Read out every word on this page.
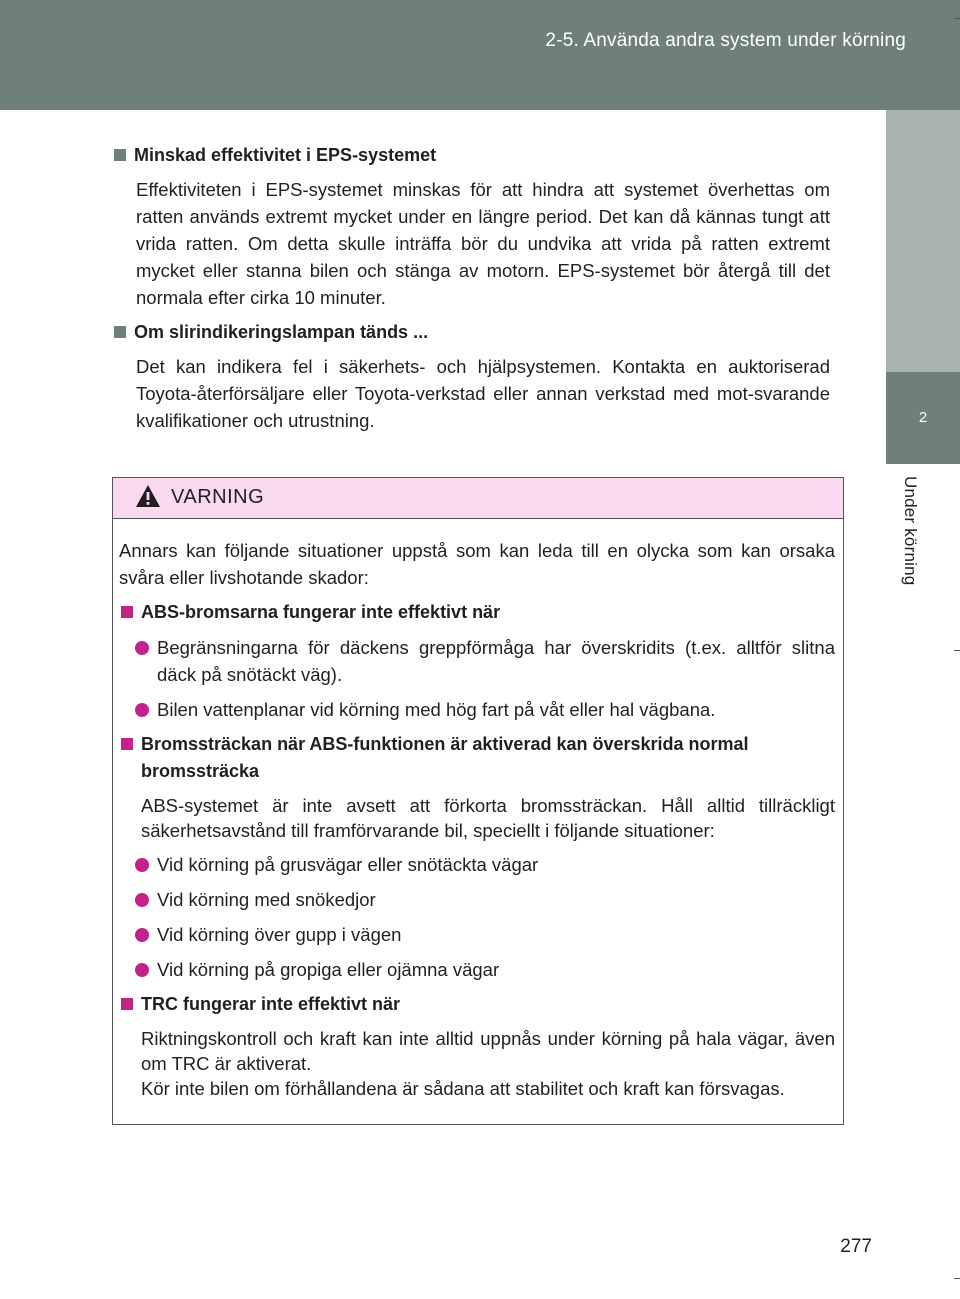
2-5. Använda andra system under körning
2
Under körning
Minskad effektivitet i EPS-systemet
Effektiviteten i EPS-systemet minskas för att hindra att systemet överhettas om ratten används extremt mycket under en längre period. Det kan då kännas tungt att vrida ratten. Om detta skulle inträffa bör du undvika att vrida på ratten extremt mycket eller stanna bilen och stänga av motorn. EPS-systemet bör återgå till det normala efter cirka 10 minuter.
Om slirindikeringslampan tänds ...
Det kan indikera fel i säkerhets- och hjälpsystemen. Kontakta en auktoriserad Toyota-återförsäljare eller Toyota-verkstad eller annan verkstad med mot-svarande kvalifikationer och utrustning.
VARNING
Annars kan följande situationer uppstå som kan leda till en olycka som kan orsaka svåra eller livshotande skador:
ABS-bromsarna fungerar inte effektivt när
Begränsningarna för däckens greppförmåga har överskridits (t.ex. alltför slitna däck på snötäckt väg).
Bilen vattenplanar vid körning med hög fart på våt eller hal vägbana.
Bromssträckan när ABS-funktionen är aktiverad kan överskrida normal bromssträcka
ABS-systemet är inte avsett att förkorta bromssträckan. Håll alltid tillräckligt säkerhetsavstånd till framförvarande bil, speciellt i följande situationer:
Vid körning på grusvägar eller snötäckta vägar
Vid körning med snökedjor
Vid körning över gupp i vägen
Vid körning på gropiga eller ojämna vägar
TRC fungerar inte effektivt när
Riktningskontroll och kraft kan inte alltid uppnås under körning på hala vägar, även om TRC är aktiverat.
Kör inte bilen om förhållandena är sådana att stabilitet och kraft kan försvagas.
277
